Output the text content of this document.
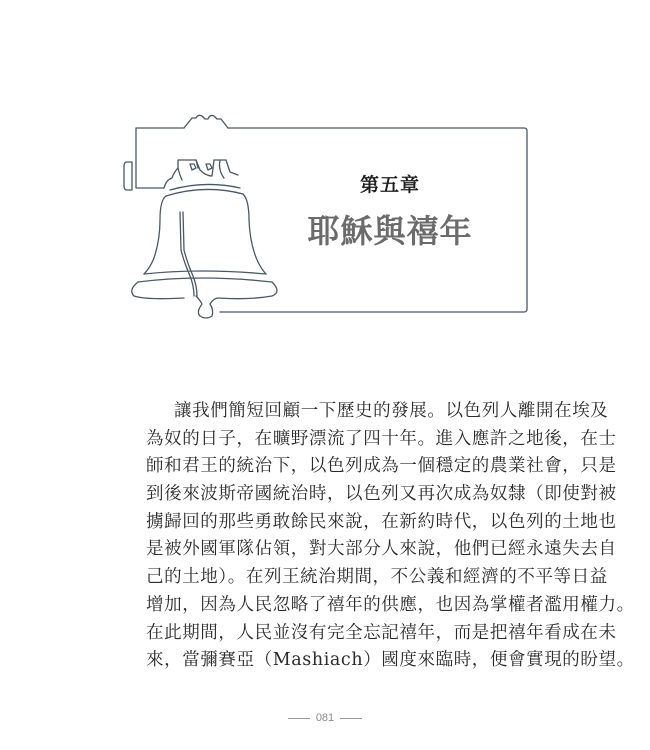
第五章
耶穌與禧年
讓我們簡短回顧一下歷史的發展。以色列人離開在埃及
為奴的日子，在曠野漂流了四十年。進入應許之地後，在士
師和君王的統治下，以色列成為一個穩定的農業社會，只是
到後來波斯帝國統治時，以色列又再次成為奴隸（即使對被
擄歸回的那些勇敢餘民來說，在新約時代，以色列的土地也
是被外國軍隊佔領，對大部分人來說，他們已經永遠失去自
己的土地）。在列王統治期間，不公義和經濟的不平等日益
增加，因為人民忽略了禧年的供應，也因為掌權者濫用權力。
在此期間，人民並沒有完全忘記禧年，而是把禧年看成在未
來，當彌賽亞（Mashiach）國度來臨時，便會實現的盼望。
081
